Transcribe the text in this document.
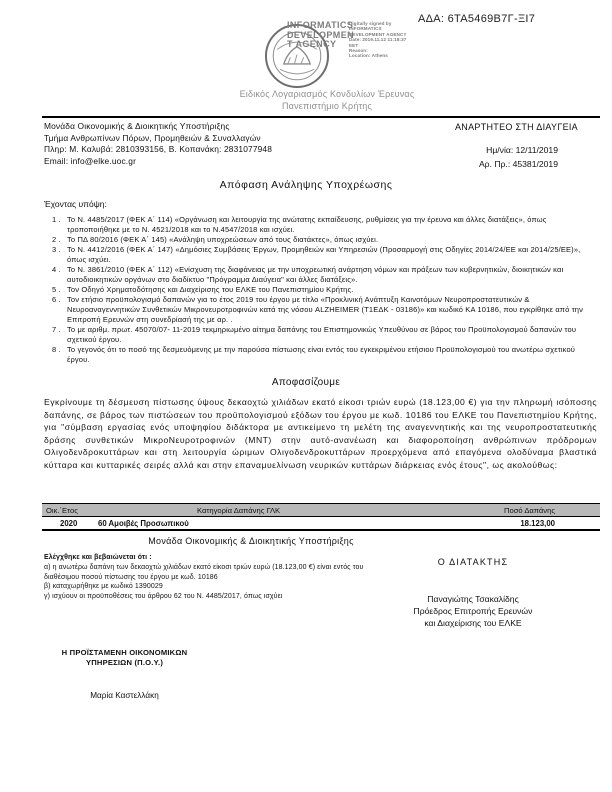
ΑΔΑ: 6ΤΑ5469Β7Γ-ΞΙ7
INFORMATICS
DEVELOPMEN
T AGENCY
Digitally signed by
INFORMATICS
DEVELOPMENT AGENCY
Date: 2019.11.12 11:18:37
EET
Reason:
Location: Athens
Ειδικός Λογαριασμός Κονδυλίων Έρευνας
Πανεπιστήμιο Κρήτης
Μονάδα Οικονομικής & Διοικητικής Υποστήριξης
Τμήμα Ανθρωπίνων Πόρων, Προμηθειών & Συναλλαγών
Πληρ: Μ. Καλυβά: 2810393156, Β. Κοπανάκη: 2831077948
Email: info@elke.uoc.gr
ΑΝΑΡΤΗΤΕΟ ΣΤΗ ΔΙΑΥΓΕΙΑ
Ημ/νία: 12/11/2019
Αρ. Πρ.: 45381/2019
Απόφαση Ανάληψης Υποχρέωσης
Έχοντας υπόψη:
1 . Το Ν. 4485/2017 (ΦΕΚ Α΄ 114) «Οργάνωση και λειτουργία της ανώτατης εκπαίδευσης, ρυθμίσεις για την έρευνα και άλλες διατάξεις», όπως τροποποιήθηκε με το Ν. 4521/2018 και το Ν.4547/2018 και ισχύει.
2 . Το ΠΔ 80/2016 (ΦΕΚ Α΄ 145) «Ανάληψη υποχρεώσεων από τους διατάκτες», όπως ισχύει.
3 . Το Ν. 4412/2016 (ΦΕΚ Α΄ 147) «Δημόσιες Συμβάσεις Έργων, Προμηθειών και Υπηρεσιών (Προσαρμογή στις Οδηγίες 2014/24/ΕΕ και 2014/25/ΕΕ)», όπως ισχύει.
4 . Το Ν. 3861/2010 (ΦΕΚ Α΄ 112) «Ενίσχυση της διαφάνειας με την υποχρεωτική ανάρτηση νόμων και πράξεων των κυβερνητικών, διοικητικών και αυτοδιοικητικών οργάνων στο διαδίκτυο "Πρόγραμμα Διαύγεια" και άλλες διατάξεις».
5 . Τον Οδηγό Χρηματοδότησης και Διαχείρισης του ΕΛΚΕ του Πανεπιστημίου Κρήτης.
6 . Τον ετήσιο προϋπολογισμό δαπανών για το έτος 2019 του έργου με τίτλο «Προκλινική Ανάπτυξη Καινοτόμων Νευροπροστατευτικών & Νευροαναγεννητικών Συνθετικών Μικρονευροτροφινών κατά της νόσου ALZHEIMER (Τ1ΕΔΚ - 03186)» και κωδικό ΚΑ 10186, που εγκρίθηκε από την Επιτροπή Ερευνών στη συνεδρίασή της με αρ. .
7 . Το με αριθμ. πρωτ. 45070/07- 11-2019 τεκμηριωμένο αίτημα δαπάνης του Επιστημονικώς Υπευθύνου σε βάρος του Προϋπολογισμού δαπανών του σχετικού έργου.
8 . Το γεγονός ότι το ποσό της δεσμευόμενης με την παρούσα πίστωσης είναι εντός του εγκεκριμένου ετήσιου Προϋπολογισμού του ανωτέρω σχετικού έργου.
Αποφασίζουμε
Εγκρίνουμε τη δέσμευση πίστωσης ύψους δεκαοχτώ χιλιάδων εκατό είκοσι τριών ευρώ (18.123,00 €) για την πληρωμή ισόποσης δαπάνης, σε βάρος των πιστώσεων του προϋπολογισμού εξόδων του έργου με κωδ. 10186 του ΕΛΚΕ του Πανεπιστημίου Κρήτης, για "σύμβαση εργασίας ενός υποψηφίου διδάκτορα με αντικείμενο τη μελέτη της αναγεννητικής και της νευροπροστατευτικής δράσης συνθετικών ΜικροΝευροτροφινών (MNT) στην αυτό-ανανέωση και διαφοροποίηση ανθρώπινων πρόδρομων Ολιγοδενδροκυττάρων και στη λειτουργία ώριμων Ολιγοδενδροκυττάρων προερχόμενα από επαγόμενα ολοδύναμα βλαστικά κύτταρα και κυτταρικές σειρές αλλά και στην επαναμυελίνωση νευρικών κυττάρων διάρκειας ενός έτους", ως ακολούθως:
Οικ.΄Ετος	Κατηγορία Δαπάνης ΓΛΚ	Ποσό Δαπάνης
2020	60 Αμοιβές Προσωπικού	18.123,00
Μονάδα Οικονομικής & Διοικητικής Υποστήριξης
Ελέγχθηκε και βεβαιώνεται ότι :
α) η ανωτέρω δαπάνη των δεκαοχτώ χιλιάδων εκατό είκοσι τριών ευρώ (18.123,00 €) είναι εντός του διαθέσιμου ποσού πίστωσης του έργου με κωδ. 10186
β) καταχωρήθηκε με κωδικό 1390029
γ) ισχύουν οι προϋποθέσεις του άρθρου 62 του Ν. 4485/2017, όπως ισχύει
Ο ΔΙΑΤΑΚΤΗΣ
Παναγιώτης Τσακαλίδης
Πρόεδρος Επιτροπής Ερευνών
και Διαχείρισης του ΕΛΚΕ
Η ΠΡΟΪΣΤΑΜΕΝΗ ΟΙΚΟΝΟΜΙΚΩΝ
ΥΠΗΡΕΣΙΩΝ (Π.Ο.Υ.)
Μαρία Καστελλάκη
